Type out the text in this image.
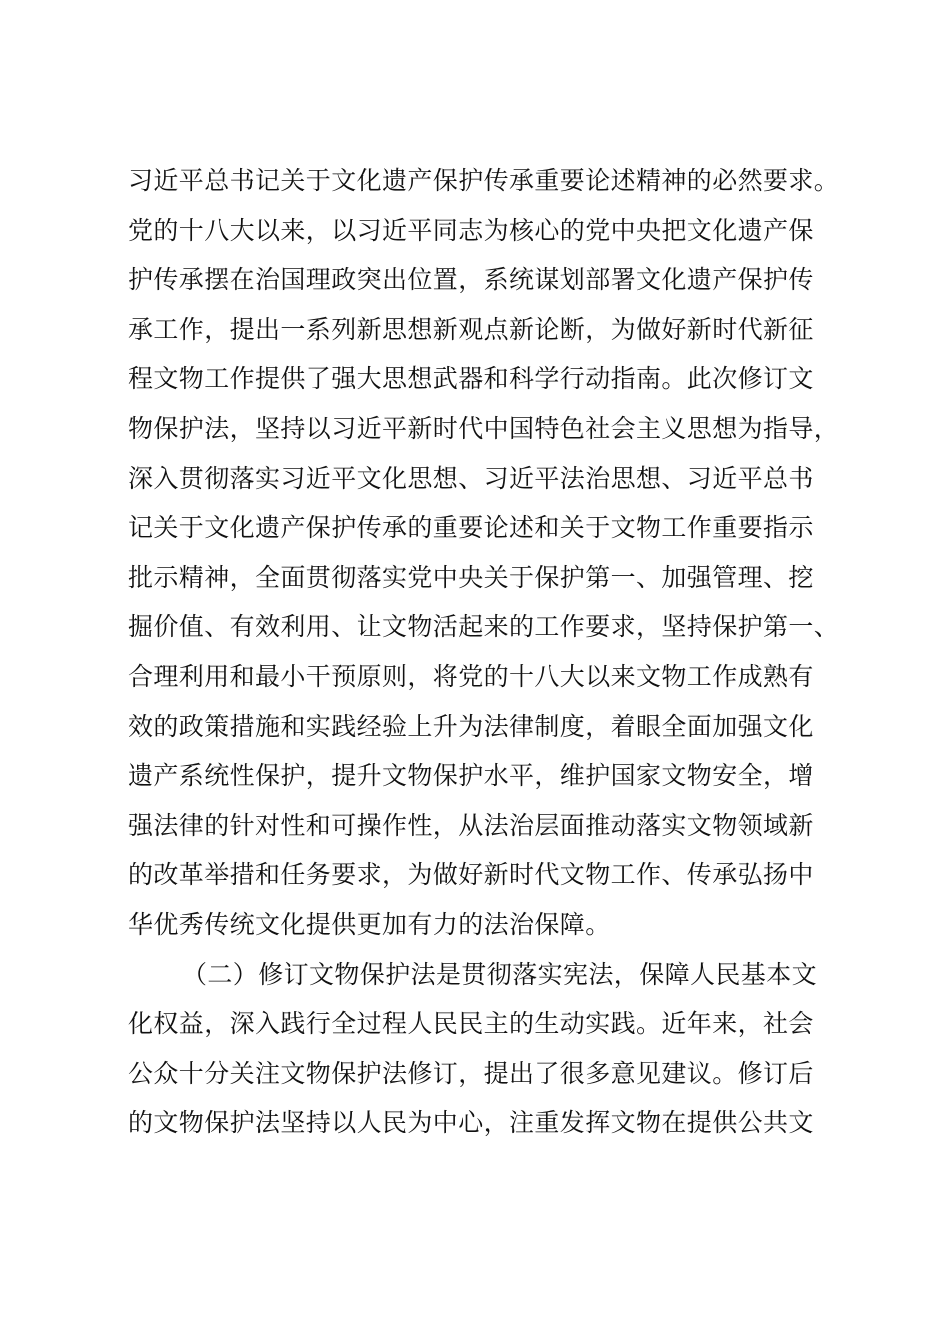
习近平总书记关于文化遗产保护传承重要论述精神的必然要求。
党的十八大以来，以习近平同志为核心的党中央把文化遗产保
护传承摆在治国理政突出位置，系统谋划部署文化遗产保护传
承工作，提出一系列新思想新观点新论断，为做好新时代新征
程文物工作提供了强大思想武器和科学行动指南。此次修订文
物保护法，坚持以习近平新时代中国特色社会主义思想为指导，
深入贯彻落实习近平文化思想、习近平法治思想、习近平总书
记关于文化遗产保护传承的重要论述和关于文物工作重要指示
批示精神，全面贯彻落实党中央关于保护第一、加强管理、挖
掘价值、有效利用、让文物活起来的工作要求，坚持保护第一、
合理利用和最小干预原则，将党的十八大以来文物工作成熟有
效的政策措施和实践经验上升为法律制度，着眼全面加强文化
遗产系统性保护，提升文物保护水平，维护国家文物安全，增
强法律的针对性和可操作性，从法治层面推动落实文物领域新
的改革举措和任务要求，为做好新时代文物工作、传承弘扬中
华优秀传统文化提供更加有力的法治保障。
（二）修订文物保护法是贯彻落实宪法，保障人民基本文
化权益，深入践行全过程人民民主的生动实践。近年来，社会
公众十分关注文物保护法修订，提出了很多意见建议。修订后
的文物保护法坚持以人民为中心，注重发挥文物在提供公共文
